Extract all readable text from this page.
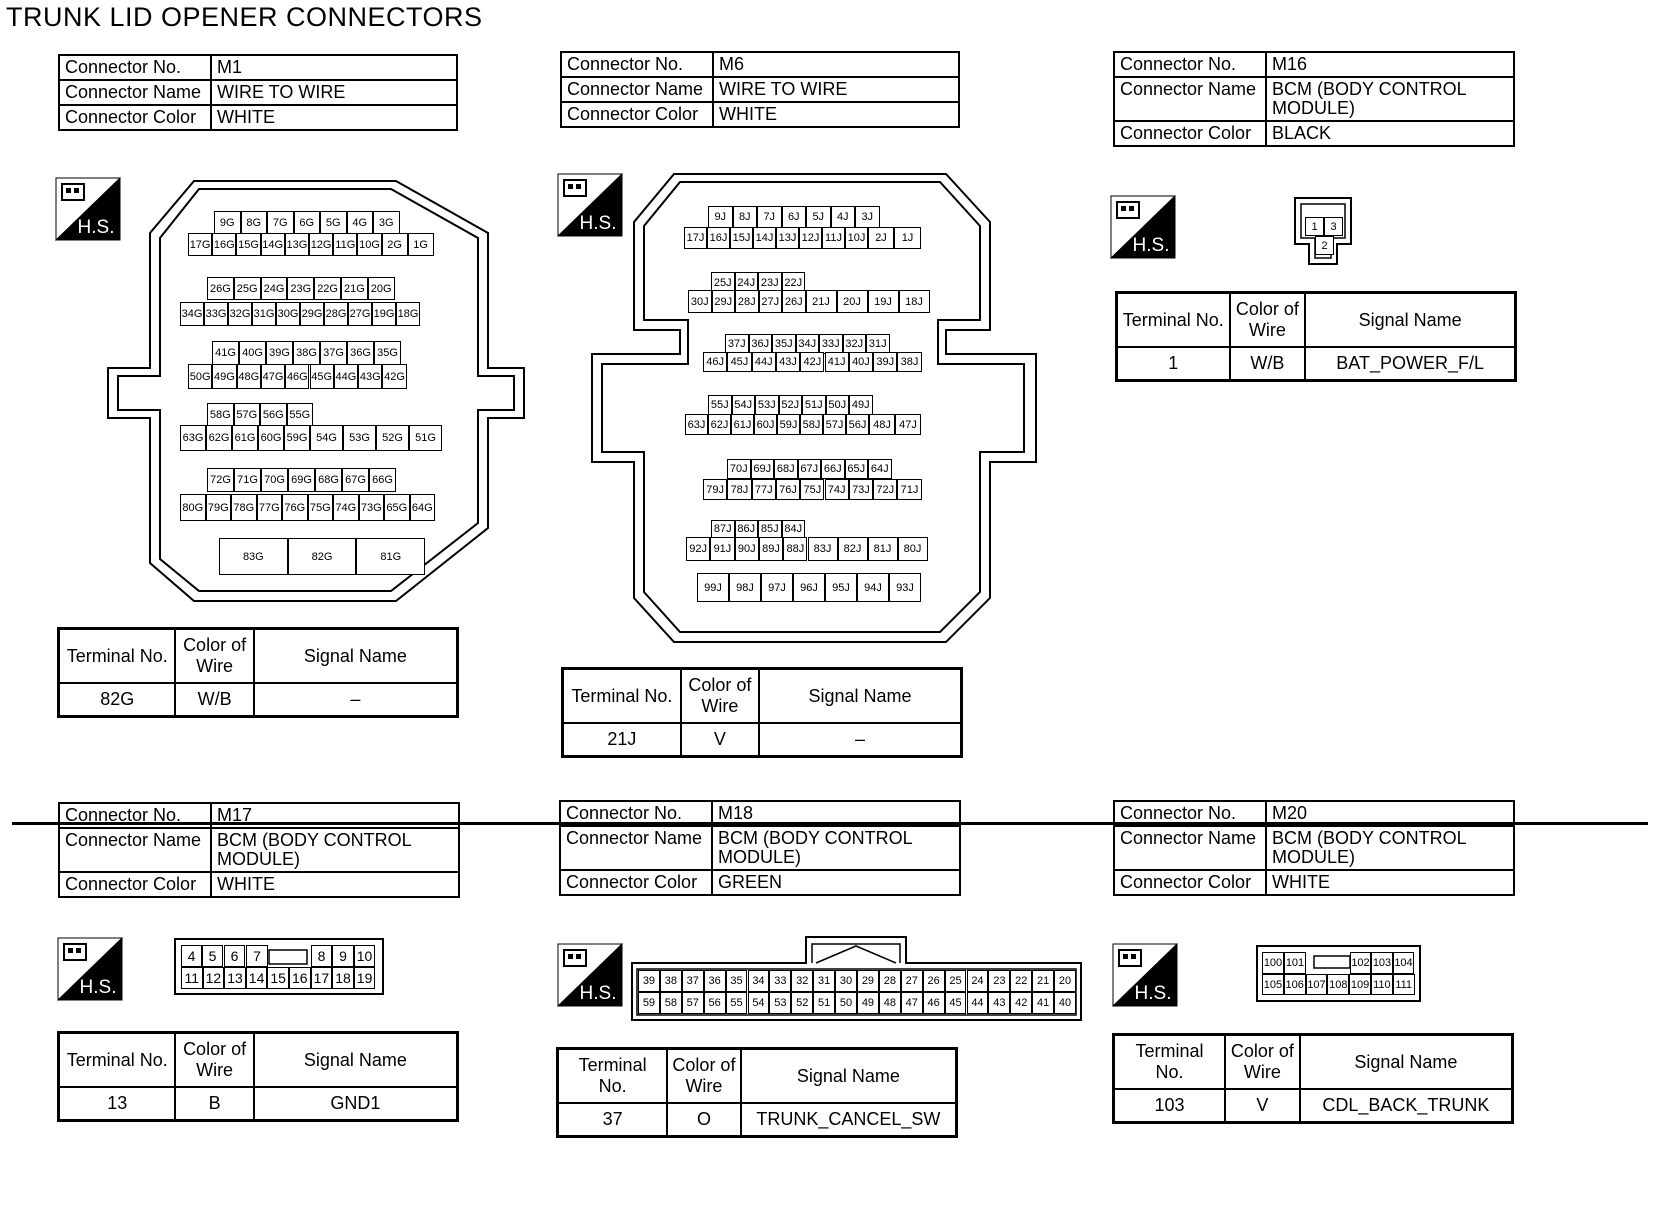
TRUNK LID OPENER CONNECTORS
Connector No.	M1
Connector Name	WIRE TO WIRE
Connector Color	WHITE
H.S.
Terminal No.	Color of Wire	Signal Name
82G	W/B	–
Connector No.	M6
Connector Name	WIRE TO WIRE
Connector Color	WHITE
H.S.
Terminal No.	Color of Wire	Signal Name
21J	V	–
Connector No.	M16
Connector Name	BCM (BODY CONTROL MODULE)
Connector Color	BLACK
H.S.
Terminal No.	Color of Wire	Signal Name
1	W/B	BAT_POWER_F/L
Connector No.	M17
Connector Name	BCM (BODY CONTROL MODULE)
Connector Color	WHITE
H.S.
Terminal No.	Color of Wire	Signal Name
13	B	GND1
Connector No.	M18
Connector Name	BCM (BODY CONTROL MODULE)
Connector Color	GREEN
H.S.
Terminal No.	Color of Wire	Signal Name
37	O	TRUNK_CANCEL_SW
Connector No.	M20
Connector Name	BCM (BODY CONTROL MODULE)
Connector Color	WHITE
H.S.
Terminal No.	Color of Wire	Signal Name
103	V	CDL_BACK_TRUNK
9G	8G	7G	6G	5G	4G	3G
17G 16G 15G 14G 13G 12G 11G 10G 2G	1G
26G 25G 24G 23G 22G 21G 20G
34G 33G 32G 31G 30G 29G 28G 27G 19G 18G
41G 40G 39G 38G 37G 36G 35G
50G 49G 48G 47G 46G 45G 44G 43G 42G
58G 57G 56G 55G
63G 62G 61G 60G 59G 54G	53G	52G	51G
72G 71G 70G 69G 68G 67G 66G
80G 79G 78G 77G 76G 75G 74G 73G 65G 64G
83G	82G	81G
9J	8J	7J	6J	5J	4J	3J
17J 16J 15J 14J 13J 12J 11J 10J 2J	1J
25J 24J 23J 22J
30J 29J 28J 27J 26J 21J	20J	19J	18J
37J 36J 35J 34J 33J 32J 31J
46J 45J 44J 43J 42J 41J 40J 39J 38J
55J 54J 53J 52J 51J 50J 49J
63J 62J 61J 60J 59J 58J 57J 56J 48J 47J
70J 69J 68J 67J 66J 65J 64J
79J 78J 77J 76J 75J 74J 73J 72J 71J
87J 86J 85J 84J
92J 91J 90J 89J 88J 83J	82J	81J	80J
99J	98J	97J	96J	95J	94J	93J
1	3
2
4 5	6	7	8 9 10
11 12 13 14 15 16 17 18 19	39 38 37 36 35 34 33 32 31 30 29 28 27 26 25 24 23 22 21 20
59 58 57 56 55 54 53 52 51 50 49 48 47 46 45 44 43 42 41 40
100 101	102 103 104
105 106 107 108 109 110 111
